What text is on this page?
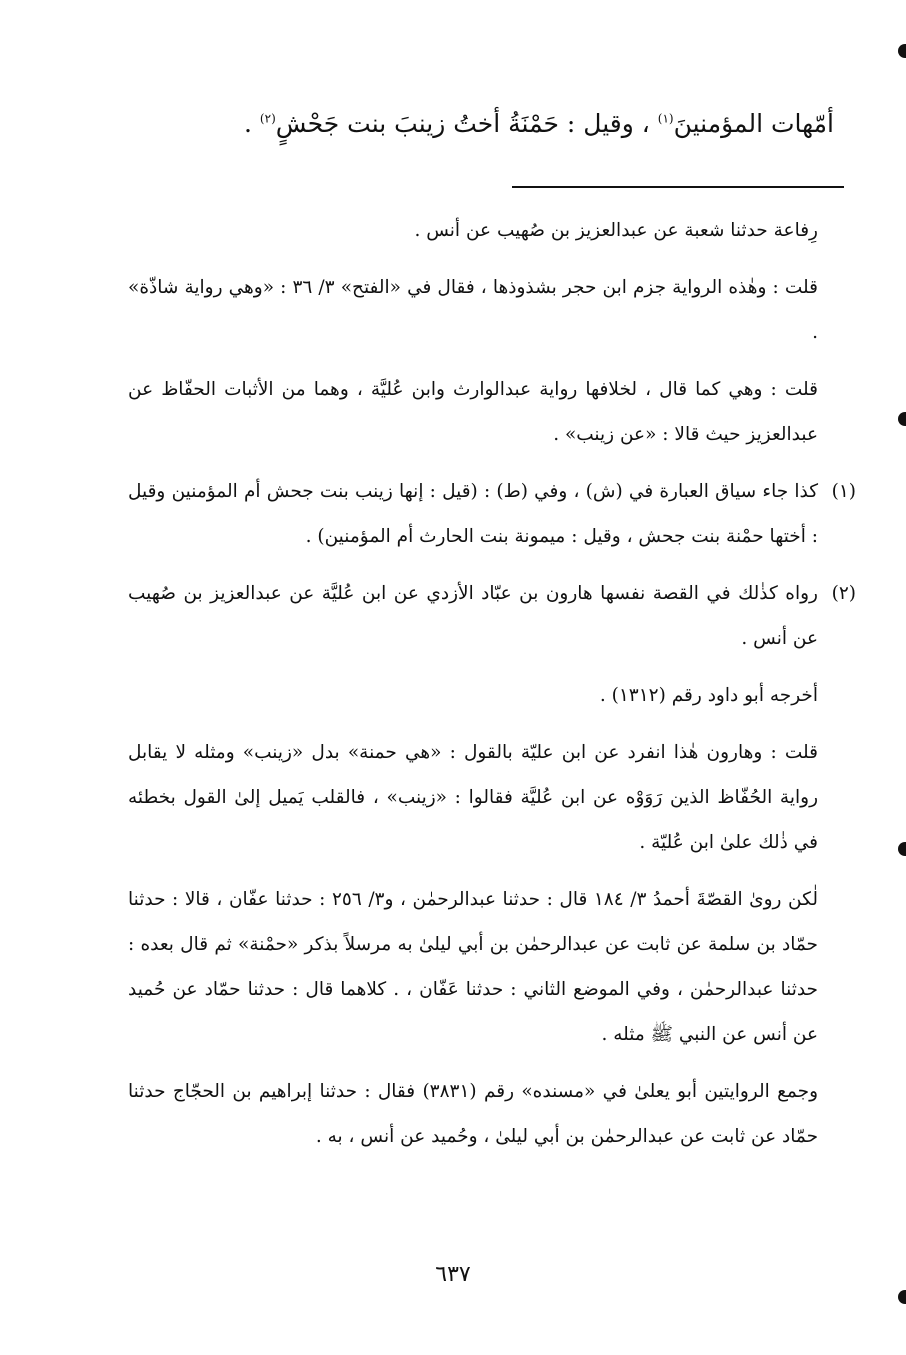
أمّهات المؤمنينَ$^{(١)}$ ، وقيل : حَمْنَةُ أختُ زينبَ بنت جَحْشٍ$^{(٢)}$ .
رِفاعة حدثنا شعبة عن عبدالعزيز بن صُهيب عن أنس .
قلت : وهٰذه الرواية جزم ابن حجر بشذوذها ، فقال في «الفتح» ٣/ ٣٦ : «وهي رواية شاذّة» .
قلت : وهي كما قال ، لخلافها رواية عبدالوارث وابن عُليَّة ، وهما من الأثبات الحفّاظ عن عبدالعزيز حيث قالا : «عن زينب» .
(١)
كذا جاء سياق العبارة في (ش) ، وفي (ط) : (قيل : إنها زينب بنت جحش أم المؤمنين وقيل : أختها حمْنة بنت جحش ، وقيل : ميمونة بنت الحارث أم المؤمنين) .
(٢)
رواه كذٰلك في القصة نفسها هارون بن عبّاد الأزدي عن ابن عُليَّة عن عبدالعزيز بن صُهيب عن أنس .
أخرجه أبو داود رقم (١٣١٢) .
قلت : وهارون هٰذا انفرد عن ابن عليّة بالقول : «هي حمنة» بدل «زينب» ومثله لا يقابل رواية الحُفّاظ الذين رَوَوْه عن ابن عُليَّة فقالوا : «زينب» ، فالقلب يَميل إلىٰ القول بخطئه في ذٰلك علىٰ ابن عُليّة .
لٰكن روىٰ القصّةَ أحمدُ ٣/ ١٨٤ قال : حدثنا عبدالرحمٰن ، و٣/ ٢٥٦ : حدثنا عفّان ، قالا : حدثنا حمّاد بن سلمة عن ثابت عن عبدالرحمٰن بن أبي ليلىٰ به مرسلاً بذكر «حمْنة» ثم قال بعده : حدثنا عبدالرحمٰن ، وفي الموضع الثاني : حدثنا عَفّان ، . كلاهما قال : حدثنا حمّاد عن حُميد عن أنس عن النبي ﷺ مثله .
وجمع الروايتين أبو يعلىٰ في «مسنده» رقم (٣٨٣١) فقال : حدثنا إبراهيم بن الحجّاج حدثنا حمّاد عن ثابت عن عبدالرحمٰن بن أبي ليلىٰ ، وحُميد عن أنس ، به .
٦٣٧
